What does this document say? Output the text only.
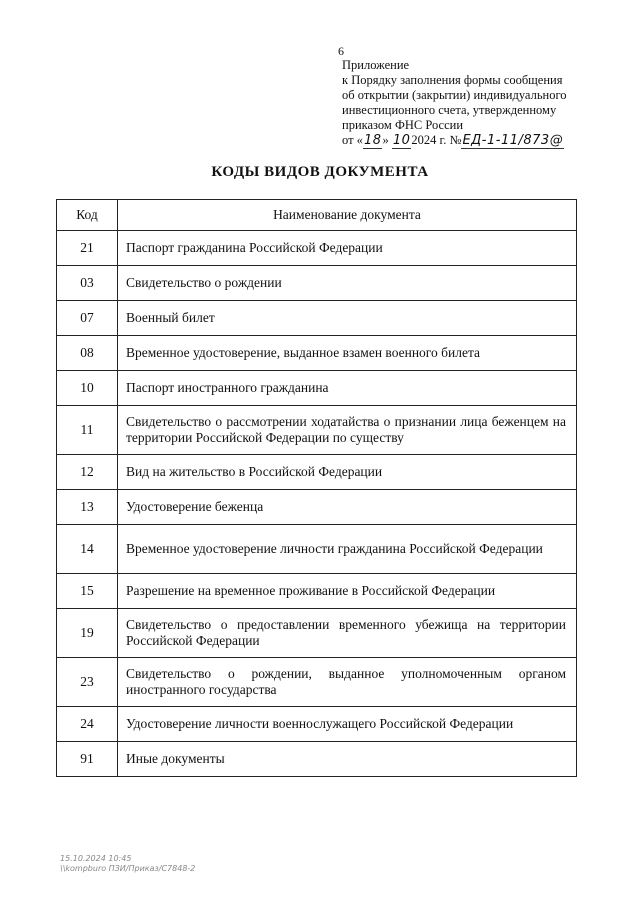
6
Приложение
к Порядку заполнения формы сообщения
об открытии (закрытии) индивидуального
инвестиционного счета, утвержденному
приказом ФНС России
от «18» 102024 г. №ЕД-1-11/873@
КОДЫ ВИДОВ ДОКУМЕНТА
Код	Наименование документа
21	Паспорт гражданина Российской Федерации
03	Свидетельство о рождении
07	Военный билет
08	Временное удостоверение, выданное взамен военного билета
10	Паспорт иностранного гражданина
11	Свидетельство о рассмотрении ходатайства о признании лица беженцем на территории Российской Федерации по существу
12	Вид на жительство в Российской Федерации
13	Удостоверение беженца
14	Временное удостоверение личности гражданина Российской Федерации
15	Разрешение на временное проживание в Российской Федерации
19	Свидетельство о предоставлении временного убежища на территории Российской Федерации
23	Свидетельство о рождении, выданное уполномоченным органом иностранного государства
24	Удостоверение личности военнослужащего Российской Федерации
91	Иные документы
15.10.2024 10:45
\\kompburo ПЗИ/Приказ/C7848-2
